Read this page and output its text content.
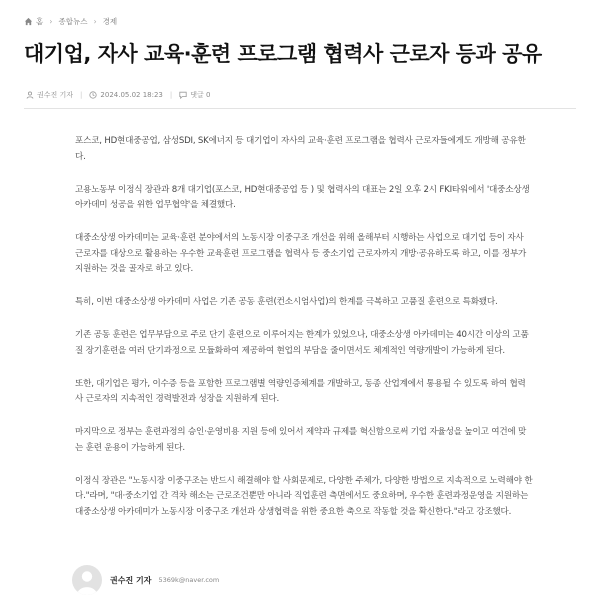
홈 › 종합뉴스 › 경제
대기업, 자사 교육·훈련 프로그램 협력사 근로자 등과 공유
권수진 기자 |	2024.05.02 18:23 |	댓글 0

포스코, HD현대중공업, 삼성SDI, SK에너지 등 대기업이 자사의 교육·훈련 프로그램을 협력사 근로자들에게도 개방해 공유한다.

고용노동부 이정식 장관과 8개 대기업(포스코, HD현대중공업 등 ) 및 협력사의 대표는 2일 오후 2시 FKI타워에서 '대중소상생 아카데미 성공을 위한 업무협약'을 체결했다.

대중소상생 아카데미는 교육·훈련 분야에서의 노동시장 이중구조 개선을 위해 올해부터 시행하는 사업으로 대기업 등이 자사 근로자를 대상으로 활용하는 우수한 교육훈련 프로그램을 협력사 등 중소기업 근로자까지 개방·공유하도록 하고, 이를 정부가 지원하는 것을 골자로 하고 있다.

특히, 이번 대중소상생 아카데미 사업은 기존 공동 훈련(컨소시엄사업)의 한계를 극복하고 고품질 훈련으로 특화됐다.

기존 공동 훈련은 업무부담으로 주로 단기 훈련으로 이루어지는 한계가 있었으나, 대중소상생 아카데미는 40시간 이상의 고품질 장기훈련을 여러 단기과정으로 모듈화하여 제공하여 현업의 부담을 줄이면서도 체계적인 역량개발이 가능하게 된다.

또한, 대기업은 평가, 이수증 등을 포함한 프로그램별 역량인증체계를 개발하고, 동종 산업계에서 통용될 수 있도록 하여 협력사 근로자의 지속적인 경력발전과 성장을 지원하게 된다.

마지막으로 정부는 훈련과정의 승인·운영비용 지원 등에 있어서 제약과 규제를 혁신함으로써 기업 자율성을 높이고 여건에 맞는 훈련 운용이 가능하게 된다.

이정식 장관은 "노동시장 이중구조는 반드시 해결해야 할 사회문제로, 다양한 주체가, 다양한 방법으로 지속적으로 노력해야 한다."라며, "대·중소기업 간 격차 해소는 근로조건뿐만 아니라 직업훈련 측면에서도 중요하며, 우수한 훈련과정운영을 지원하는 대중소상생 아카데미가 노동시장 이중구조 개선과 상생협력을 위한 중요한 축으로 작동할 것을 확신한다."라고 강조했다.

권수진 기자 5369k@naver.com
